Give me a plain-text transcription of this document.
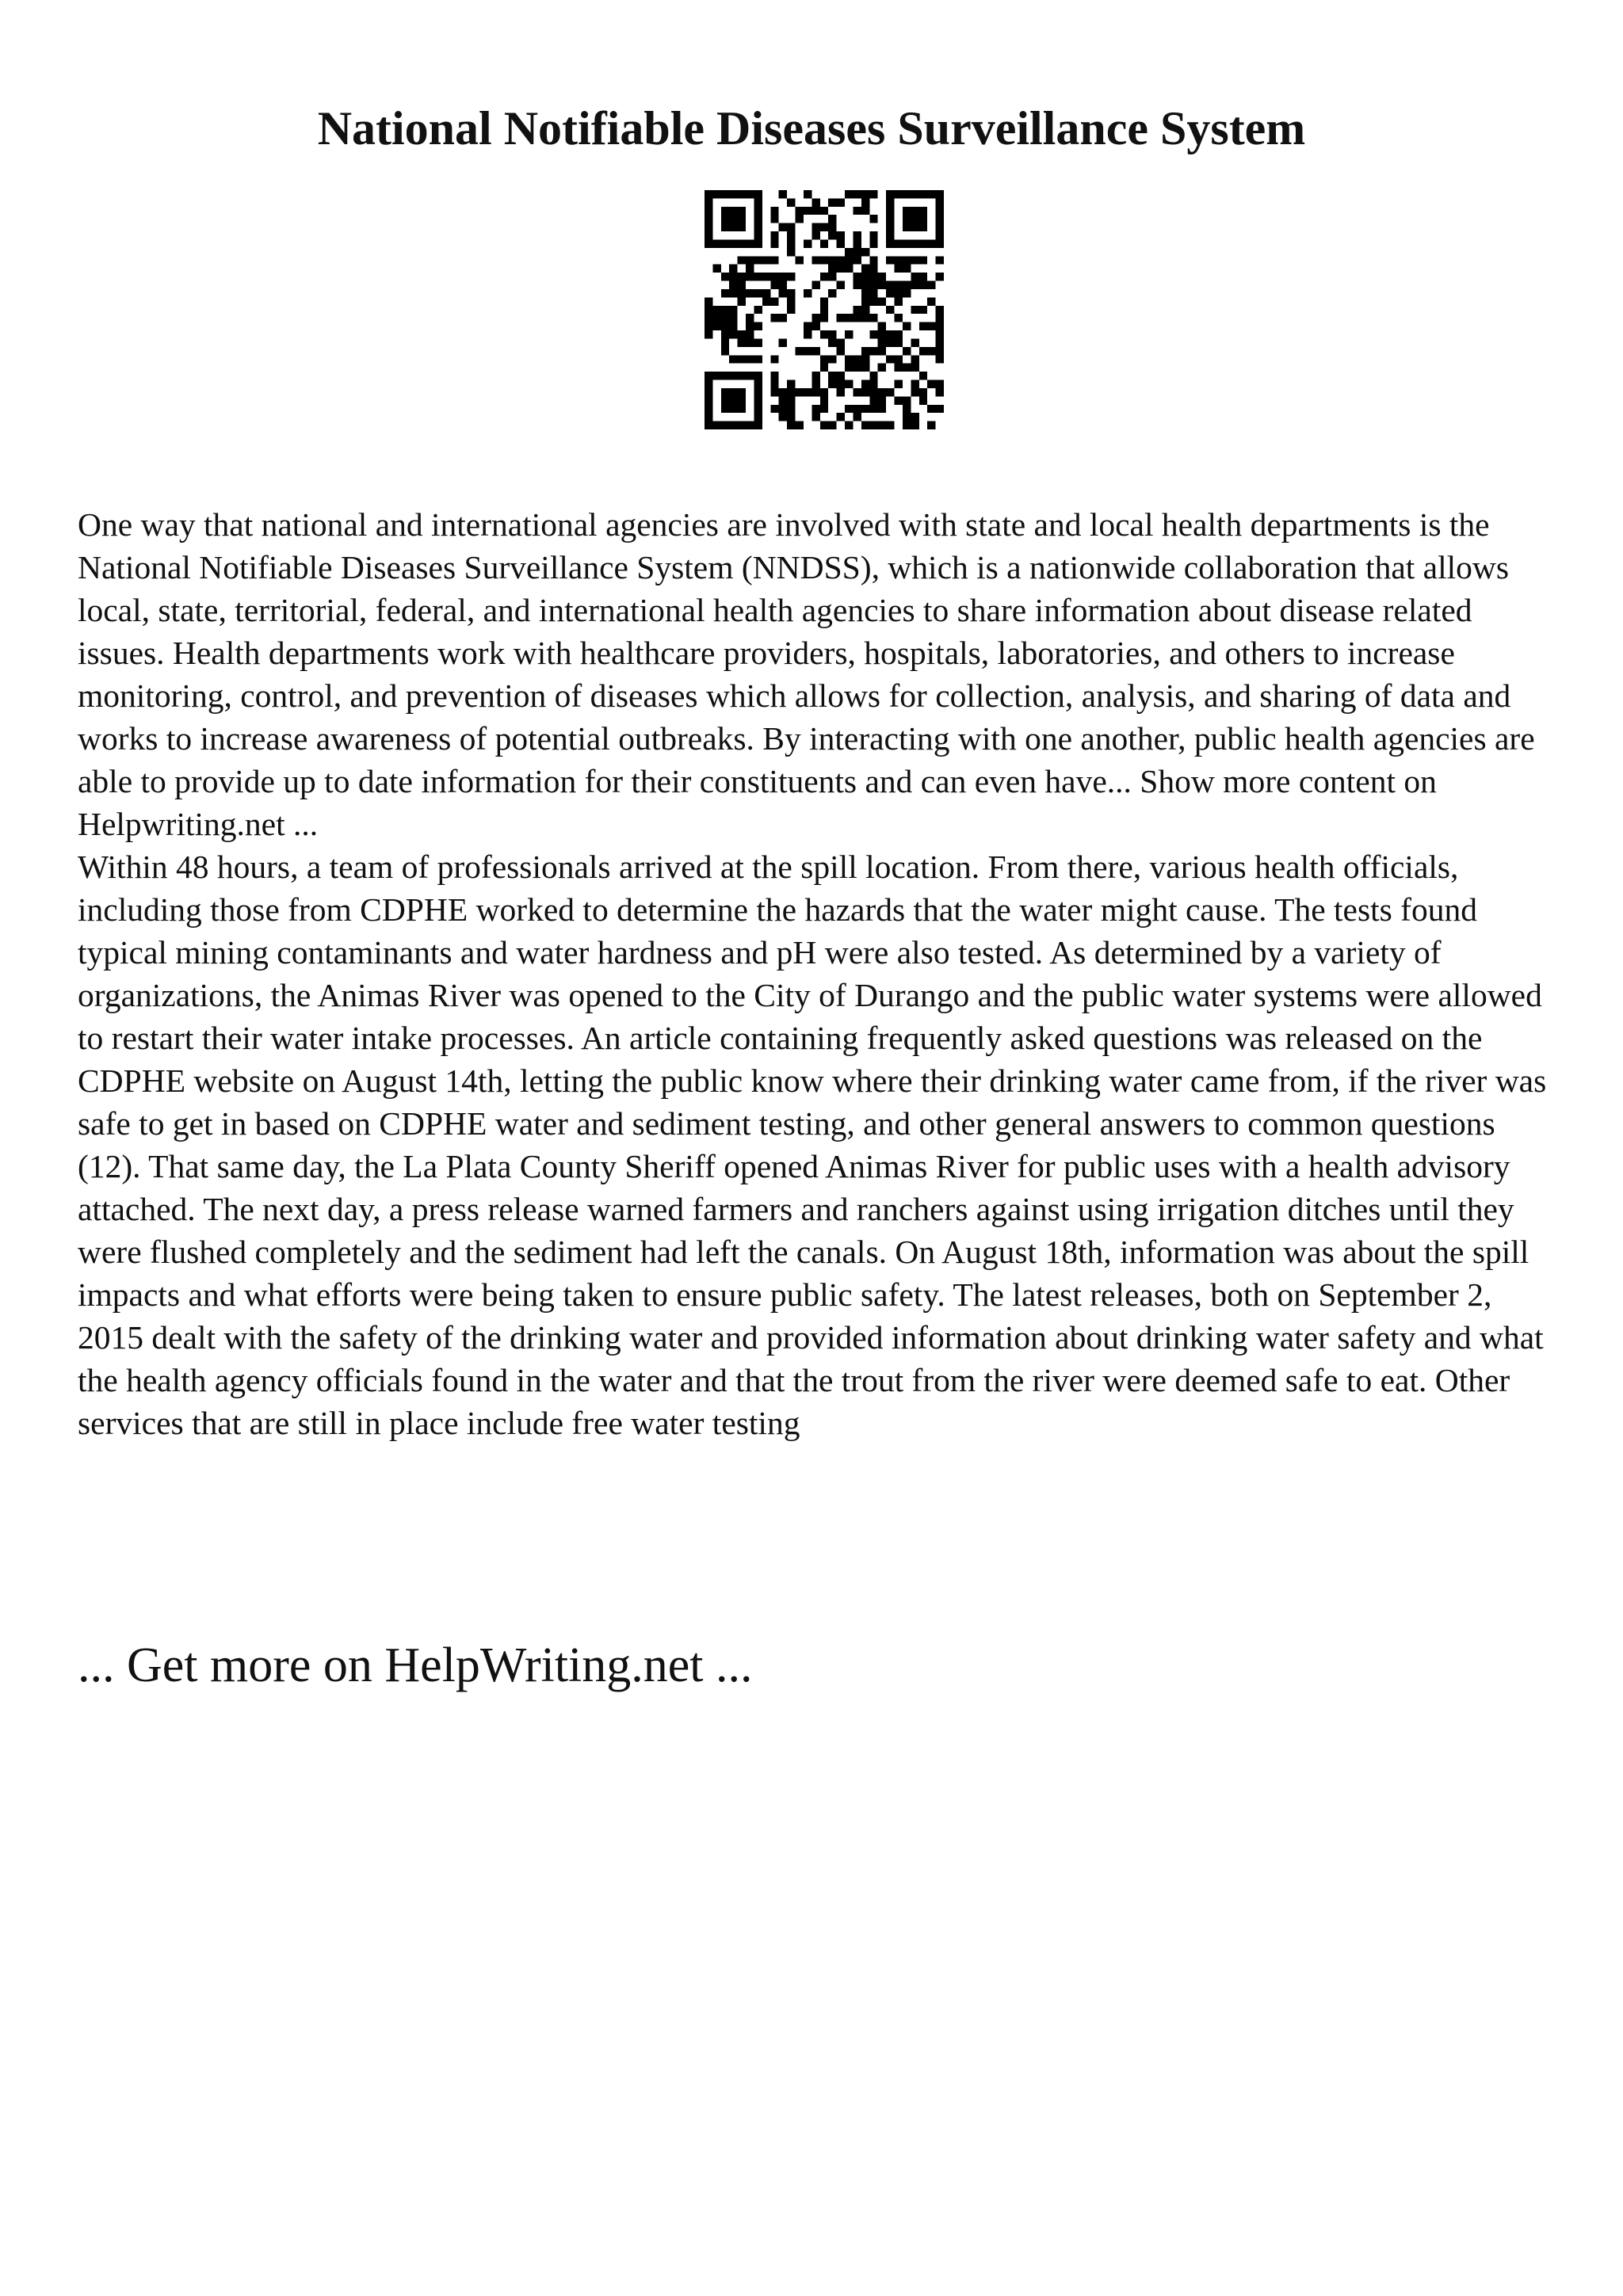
National Notifiable Diseases Surveillance System

One way that national and international agencies are involved with state and local health departments is the National Notifiable Diseases Surveillance System (NNDSS), which is a nationwide collaboration that allows local, state, territorial, federal, and international health agencies to share information about disease related issues. Health departments work with healthcare providers, hospitals, laboratories, and others to increase monitoring, control, and prevention of diseases which allows for collection, analysis, and sharing of data and works to increase awareness of potential outbreaks. By interacting with one another, public health agencies are able to provide up to date information for their constituents and can even have... Show more content on Helpwriting.net ...

Within 48 hours, a team of professionals arrived at the spill location. From there, various health officials, including those from CDPHE worked to determine the hazards that the water might cause. The tests found typical mining contaminants and water hardness and pH were also tested. As determined by a variety of organizations, the Animas River was opened to the City of Durango and the public water systems were allowed to restart their water intake processes. An article containing frequently asked questions was released on the CDPHE website on August 14th, letting the public know where their drinking water came from, if the river was safe to get in based on CDPHE water and sediment testing, and other general answers to common questions (12). That same day, the La Plata County Sheriff opened Animas River for public uses with a health advisory attached. The next day, a press release warned farmers and ranchers against using irrigation ditches until they were flushed completely and the sediment had left the canals. On August 18th, information was about the spill impacts and what efforts were being taken to ensure public safety. The latest releases, both on September 2, 2015 dealt with the safety of the drinking water and provided information about drinking water safety and what the health agency officials found in the water and that the trout from the river were deemed safe to eat. Other services that are still in place include free water testing

... Get more on HelpWriting.net ...
